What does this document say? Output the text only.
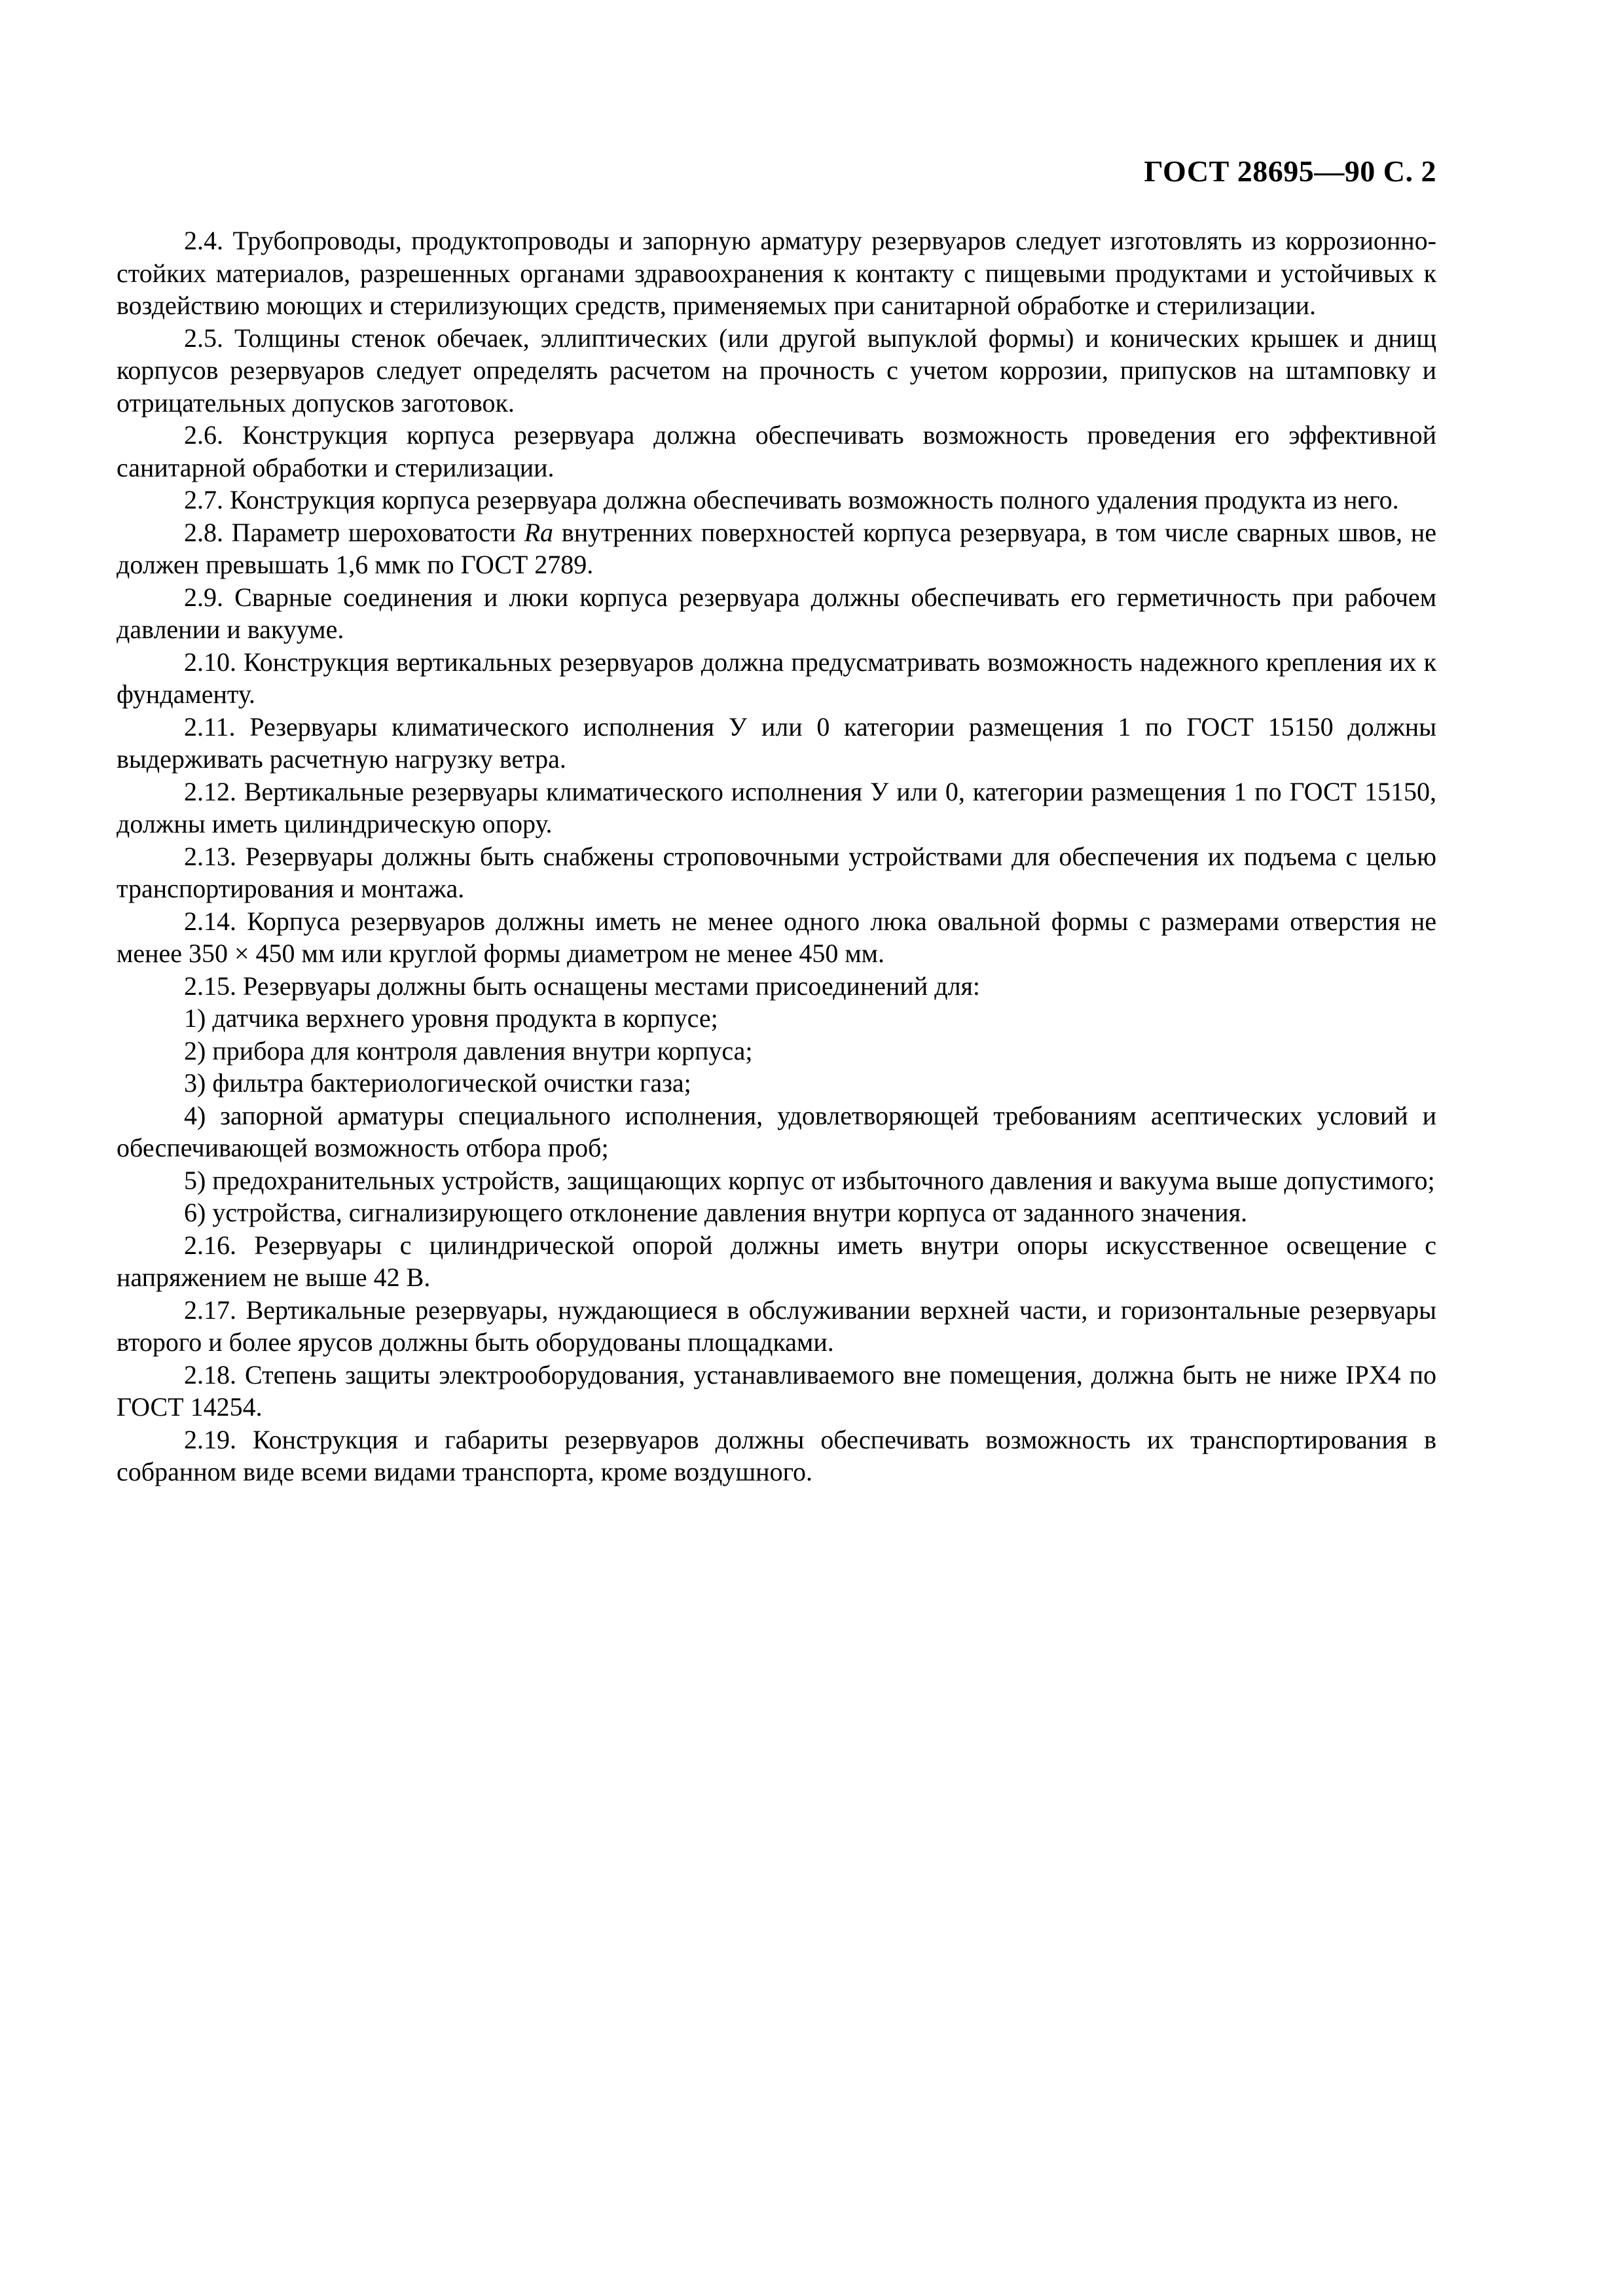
ГОСТ 28695—90 С. 2

2.4. Трубопроводы, продуктопроводы и запорную арматуру резервуаров следует изготовлять из коррозионно-стойких материалов, разрешенных органами здравоохранения к контакту с пищевыми продуктами и устойчивых к воздействию моющих и стерилизующих средств, применяемых при санитарной обработке и стерилизации.

2.5. Толщины стенок обечаек, эллиптических (или другой выпуклой формы) и конических крышек и днищ корпусов резервуаров следует определять расчетом на прочность с учетом коррозии, припусков на штамповку и отрицательных допусков заготовок.

2.6. Конструкция корпуса резервуара должна обеспечивать возможность проведения его эффективной санитарной обработки и стерилизации.

2.7. Конструкция корпуса резервуара должна обеспечивать возможность полного удаления продукта из него.

2.8. Параметр шероховатости Ra внутренних поверхностей корпуса резервуара, в том числе сварных швов, не должен превышать 1,6 ммк по ГОСТ 2789.

2.9. Сварные соединения и люки корпуса резервуара должны обеспечивать его герметичность при рабочем давлении и вакууме.

2.10. Конструкция вертикальных резервуаров должна предусматривать возможность надежного крепления их к фундаменту.

2.11. Резервуары климатического исполнения У или 0 категории размещения 1 по ГОСТ 15150 должны выдерживать расчетную нагрузку ветра.

2.12. Вертикальные резервуары климатического исполнения У или 0, категории размещения 1 по ГОСТ 15150, должны иметь цилиндрическую опору.

2.13. Резервуары должны быть снабжены строповочными устройствами для обеспечения их подъема с целью транспортирования и монтажа.

2.14. Корпуса резервуаров должны иметь не менее одного люка овальной формы с размерами отверстия не менее 350 × 450 мм или круглой формы диаметром не менее 450 мм.

2.15. Резервуары должны быть оснащены местами присоединений для:

1) датчика верхнего уровня продукта в корпусе;

2) прибора для контроля давления внутри корпуса;

3) фильтра бактериологической очистки газа;

4) запорной арматуры специального исполнения, удовлетворяющей требованиям асептических условий и обеспечивающей возможность отбора проб;

5) предохранительных устройств, защищающих корпус от избыточного давления и вакуума выше допустимого;

6) устройства, сигнализирующего отклонение давления внутри корпуса от заданного значения.

2.16. Резервуары с цилиндрической опорой должны иметь внутри опоры искусственное освещение с напряжением не выше 42 В.

2.17. Вертикальные резервуары, нуждающиеся в обслуживании верхней части, и горизонтальные резервуары второго и более ярусов должны быть оборудованы площадками.

2.18. Степень защиты электрооборудования, устанавливаемого вне помещения, должна быть не ниже IPX4 по ГОСТ 14254.

2.19. Конструкция и габариты резервуаров должны обеспечивать возможность их транспортирования в собранном виде всеми видами транспорта, кроме воздушного.
